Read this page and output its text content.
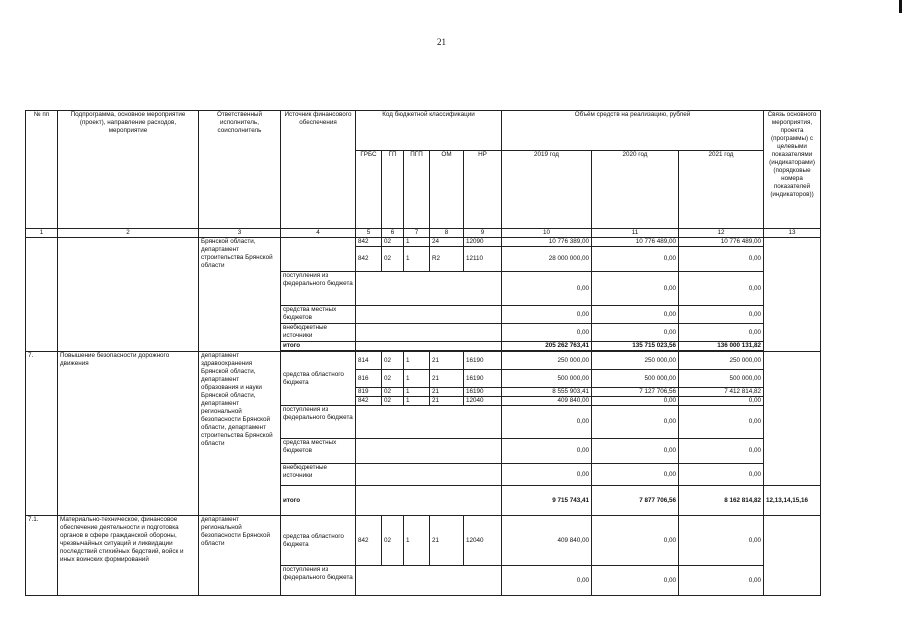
21
№ пп	Подпрограмма, основное мероприятие (проект), направление расходов, мероприятие	Ответственный исполнитель, соисполнитель	Источник финансового обеспечения	Код бюджетной классификации					Объём средств на реализацию, рублей			Связь основного мероприятия, проекта (программы) с целевыми показателями (индикаторами) (порядковые номера показателей (индикаторов))
				ГРБС	ГП	ПГП	ОМ	НР	2019 год	2020 год	2021 год	
1	2	3	4	5	6	7	8	9	10	11	12	13
		Брянской области, департамент строительства Брянской области		842	02	1	24	12090	10 776 389,00	10 776 489,00	10 776 489,00	
				842	02	1	R2	12110	28 000 000,00	0,00	0,00	
			поступления из федерального бюджета						0,00	0,00	0,00	
			средства местных бюджетов						0,00	0,00	0,00	
			внебюджетные источники						0,00	0,00	0,00	
			итого						205 262 763,41	135 715 023,56	136 000 131,82	

7.	Повышение безопасности дорожного движения	департамент здравоохранения Брянской области, департамент образования и науки Брянской области, департамент региональной безопасности Брянской области, департамент строительства Брянской области	средства областного бюджета	814	02	1	21	16190	250 000,00	250 000,00	250 000,00	
				816	02	1	21	16190	500 000,00	500 000,00	500 000,00	
				819	02	1	21	16190	8 555 903,41	7 127 706,56	7 412 814,82	
				842	02	1	21	12040	409 840,00	0,00	0,00	
			поступления из федерального бюджета						0,00	0,00	0,00	
			средства местных бюджетов						0,00	0,00	0,00	
			внебюджетные источники						0,00	0,00	0,00	
			итого						9 715 743,41	7 877 706,56	8 162 814,82	12,13,14,15,16
7.1.	Материально-техническое, финансовое обеспечение деятельности и подготовка органов в сфере гражданской обороны, чрезвычайных ситуаций и ликвидации последствий стихийных бедствий, войск и иных воинских формирований	департамент региональной безопасности Брянской области	средства областного бюджета	842	02	1	21	12040	409 840,00	0,00	0,00	
			поступления из федерального бюджета						0,00	0,00	0,00	
